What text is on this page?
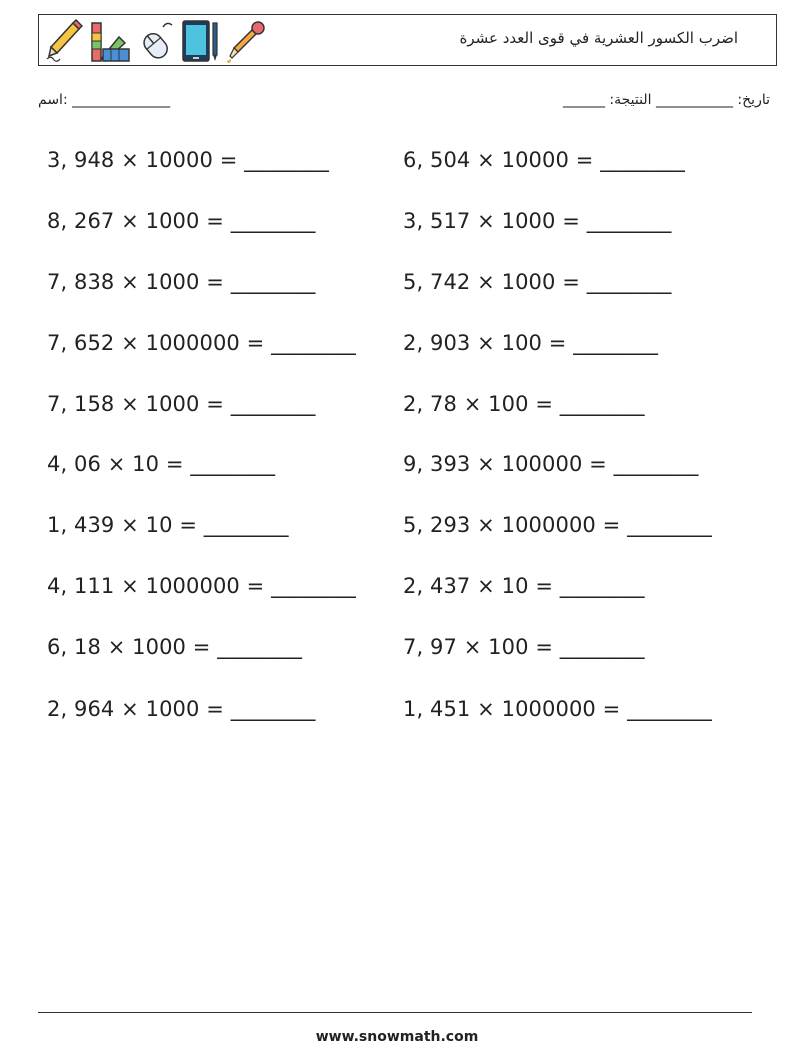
اضرب الكسور العشرية في قوى العدد عشرة
اسم: ______________	______ :تاريخ: ___________ النتيجة
3, 948 × 10000 = ________
8, 267 × 1000 = ________
7, 838 × 1000 = ________
7, 652 × 1000000 = ________
7, 158 × 1000 = ________
4, 06 × 10 = ________
1, 439 × 10 = ________
4, 111 × 1000000 = ________
6, 18 × 1000 = ________
2, 964 × 1000 = ________
6, 504 × 10000 = ________
3, 517 × 1000 = ________
5, 742 × 1000 = ________
2, 903 × 100 = ________
2, 78 × 100 = ________
9, 393 × 100000 = ________
5, 293 × 1000000 = ________
2, 437 × 10 = ________
7, 97 × 100 = ________
1, 451 × 1000000 = ________
www.snowmath.com
